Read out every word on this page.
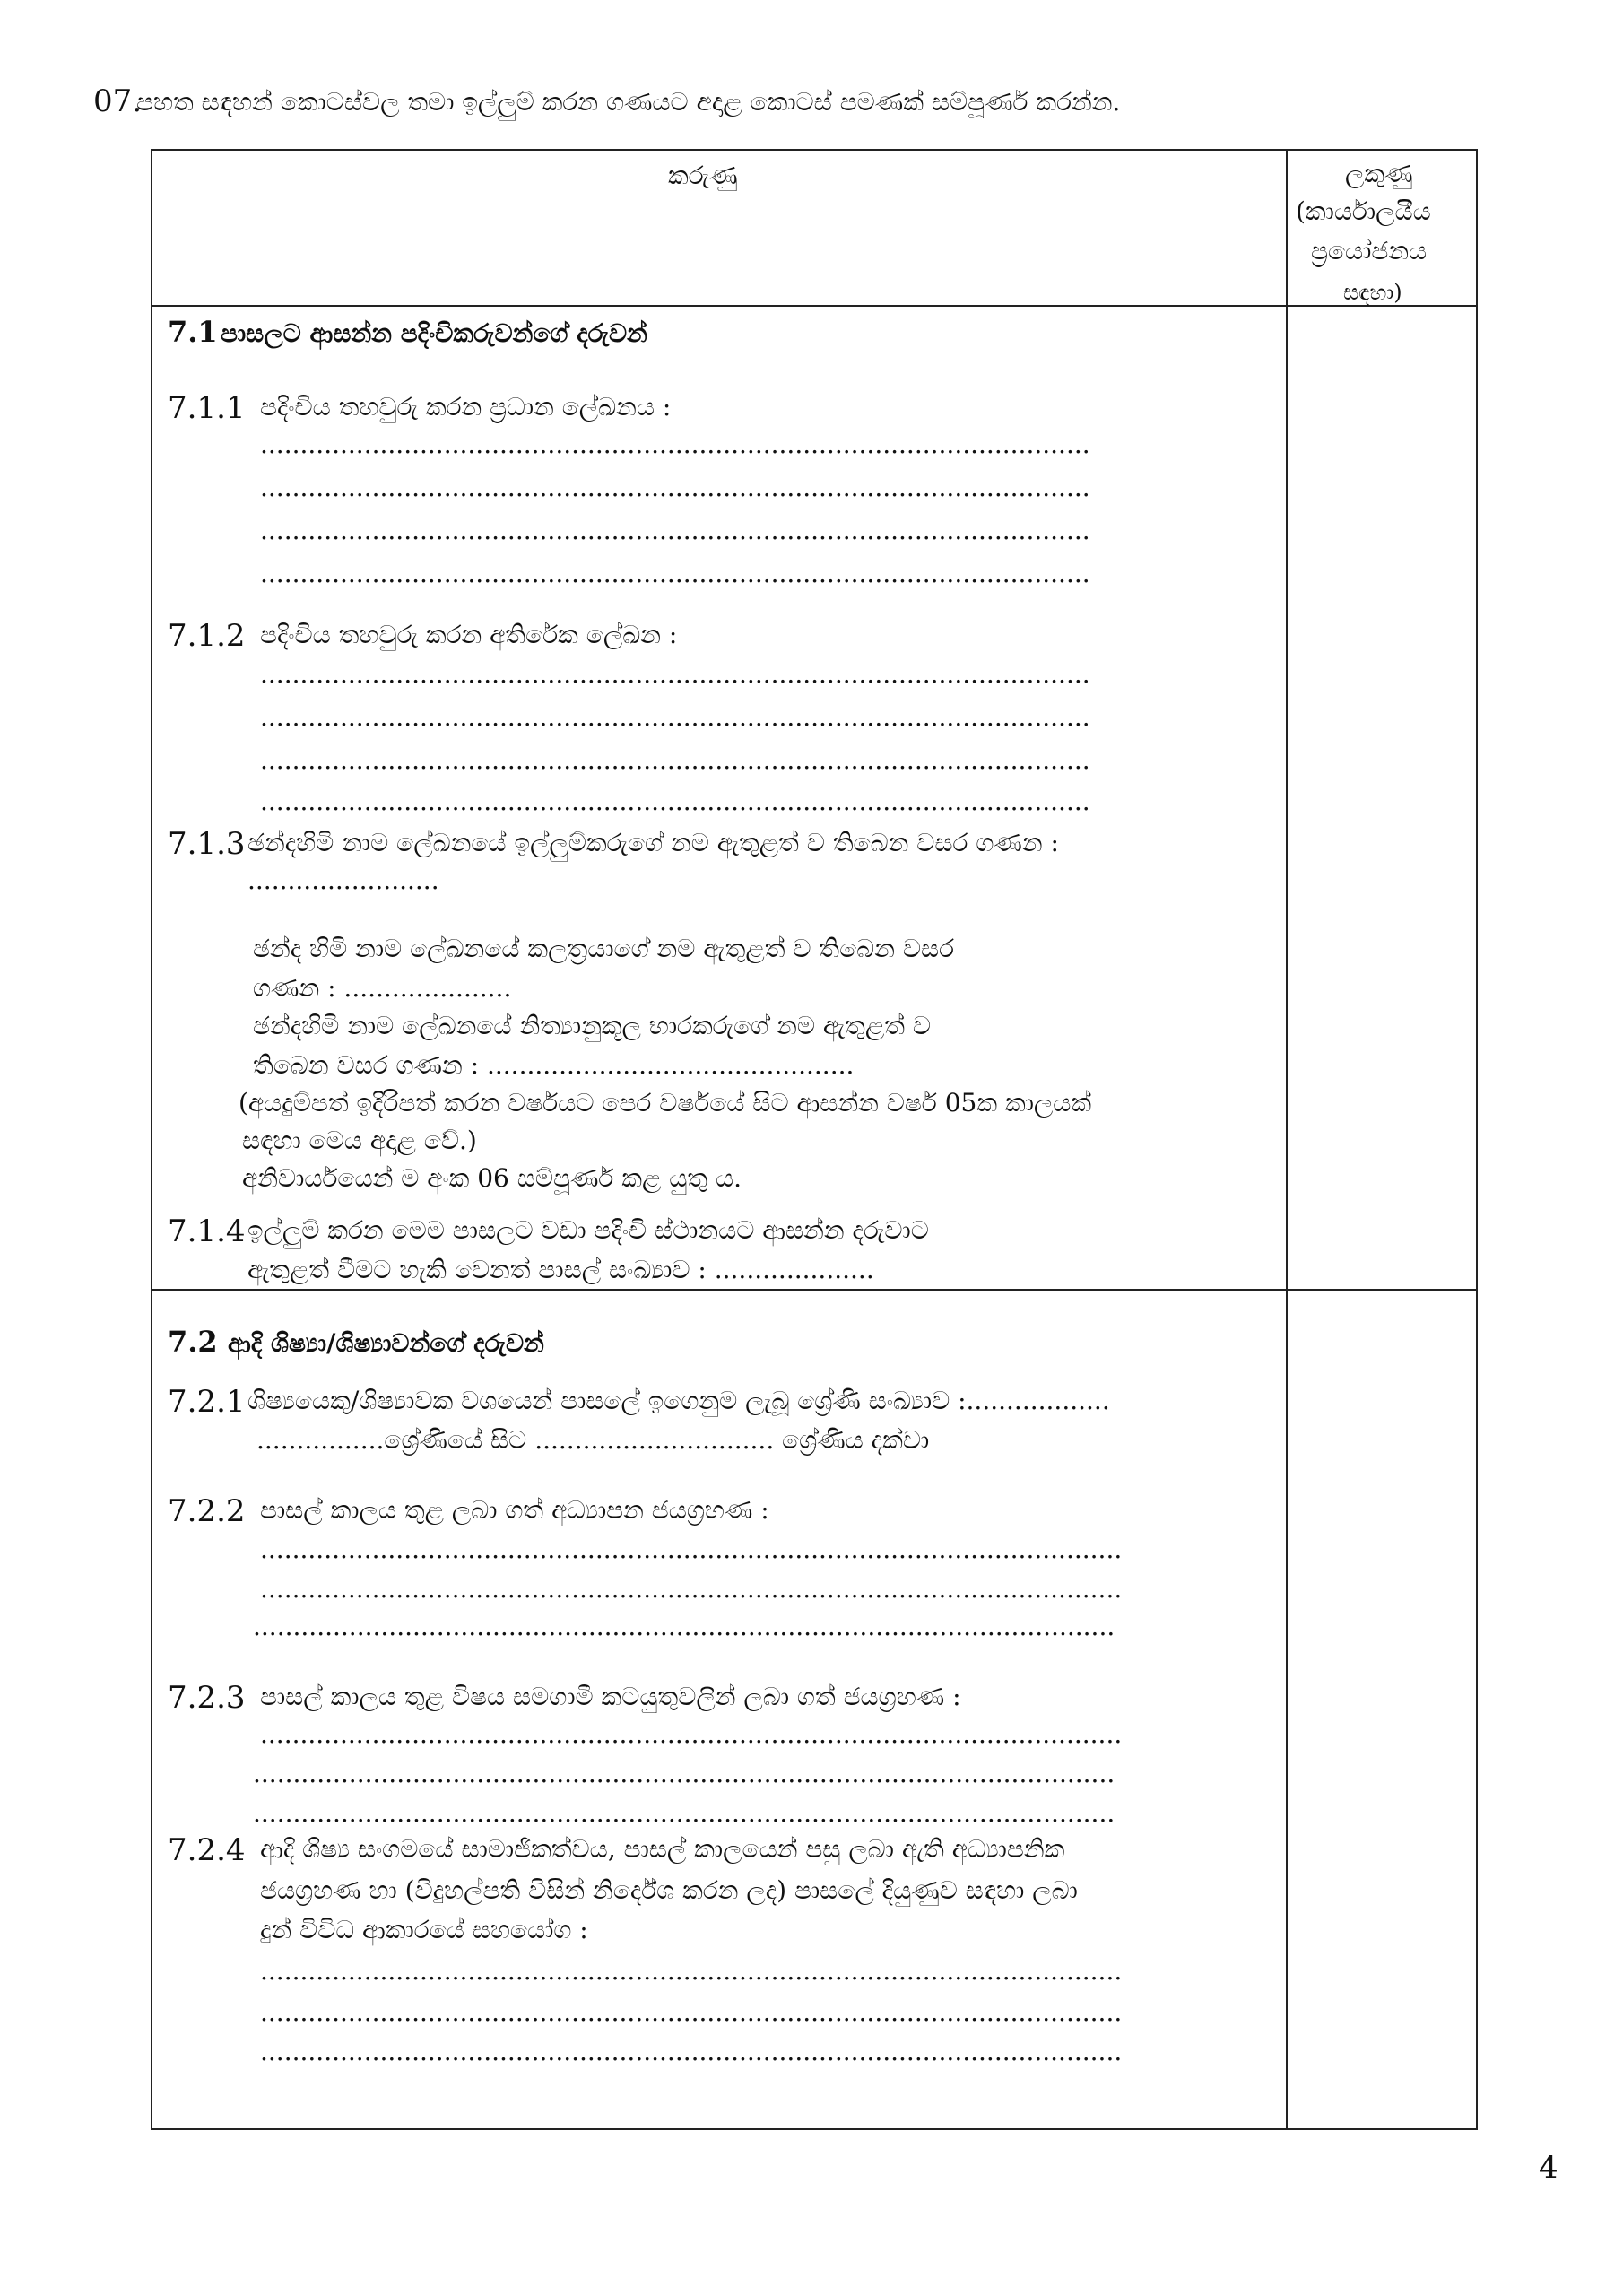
07.
පහත සඳහන් කොටස්වල තමා ඉල්ලුම් කරන ගණයට අදාළ කොටස් පමණක් සම්පූර්ණ කරන්න.
කරුණු	ලකුණු
(කාර්යාලයීය
ප්‍රයෝජනය
සඳහා)
7.1 පාසලට ආසන්න පදිංචිකරුවන්ගේ දරුවන්
7.1.1 පදිංචිය තහවුරු කරන ප්‍රධාන ලේඛනය :
........................................................................................................
........................................................................................................
........................................................................................................
........................................................................................................
7.1.2 පදිංචිය තහවුරු කරන අතිරේක ලේඛන :
........................................................................................................
........................................................................................................
........................................................................................................
........................................................................................................
7.1.3 ඡන්දහිමි නාම ලේඛනයේ ඉල්ලුම්කරුගේ නම ඇතුළත් ව තිබෙන වසර ගණන :
........................
ඡන්ද හිමි නාම ලේඛනයේ කලත්‍රයාගේ නම ඇතුළත් ව තිබෙන වසර
ගණන : .....................
ඡන්දහිමි නාම ලේඛනයේ නිත්‍යානුකූල භාරකරුගේ නම ඇතුළත් ව
තිබෙන වසර ගණන : ..............................................
(අයදුම්පත් ඉදිරිපත් කරන වර්ෂයට පෙර වර්ෂයේ සිට ආසන්න වර්ෂ 05ක කාලයක්
සඳහා මෙය අදාළ වේ.)
අනිවාර්යයෙන් ම අංක 06 සම්පූර්ණ කළ යුතු ය.
7.1.4 ඉල්ලුම් කරන මෙම පාසලට වඩා පදිංචි ස්ථානයට ආසන්න දරුවාට
ඇතුළත් වීමට හැකි වෙනත් පාසල් සංඛ්‍යාව : ....................
7.2 ආදි ශිෂ්‍යා/ශිෂ්‍යාවන්ගේ දරුවන්
7.2.1 ශිෂ්‍යයෙකු/ශිෂ්‍යාවක වශයෙන් පාසලේ ඉගෙනුම ලැබූ ශ්‍රේණි සංඛ්‍යාව :..................
................ශ්‍රේණියේ සිට .............................. ශ්‍රේණිය දක්වා
7.2.2 පාසල් කාලය තුළ ලබා ගත් අධ්‍යාපන ජයග්‍රහණ :
............................................................................................................
............................................................................................................
............................................................................................................
7.2.3 පාසල් කාලය තුළ විෂය සමගාමී කටයුතුවලින් ලබා ගත් ජයග්‍රහණ :
............................................................................................................
............................................................................................................
............................................................................................................
7.2.4 ආදි ශිෂ්‍ය සංගමයේ සාමාජිකත්වය, පාසල් කාලයෙන් පසු ලබා ඇති අධ්‍යාපනික
ජයග්‍රහණ හා (විදුහල්පති විසින් නිර්දේශ කරන ලද) පාසලේ දියුණුව සඳහා ලබා
දුන් විවිධ ආකාරයේ සහයෝග :
............................................................................................................
............................................................................................................
............................................................................................................
4
